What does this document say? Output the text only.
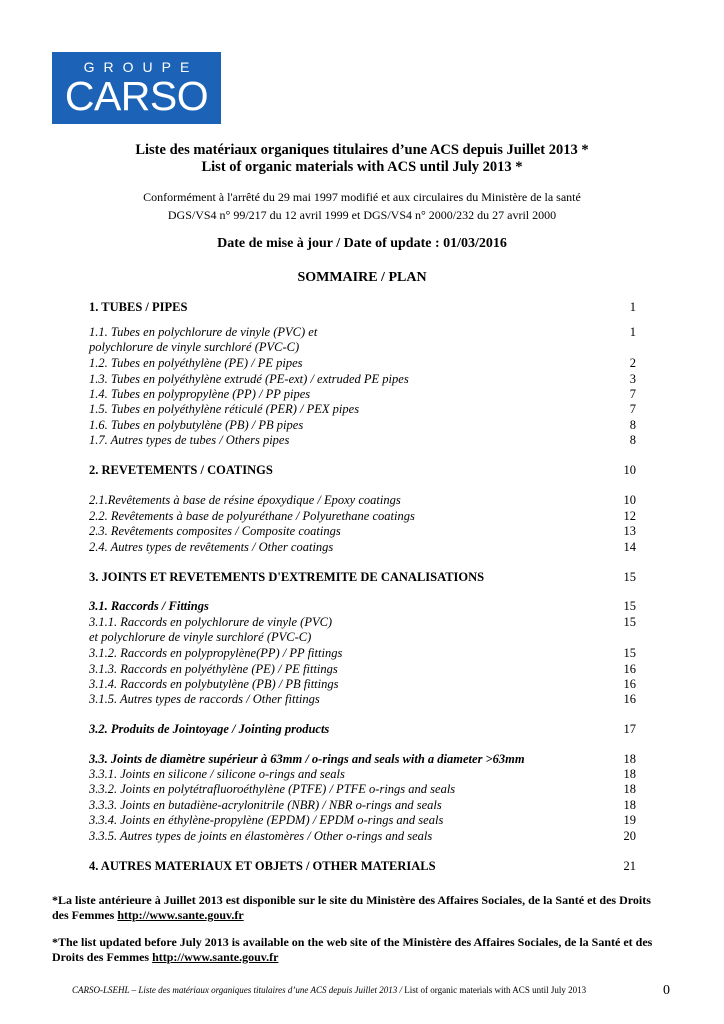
GROUPE
CARSO
Liste des matériaux organiques titulaires d’une ACS depuis Juillet 2013 *
List of organic materials with ACS until July 2013 *
Conformément à l'arrêté du 29 mai 1997 modifié et aux circulaires du Ministère de la santé
DGS/VS4 n° 99/217 du 12 avril 1999 et DGS/VS4 n° 2000/232 du 27 avril 2000
Date de mise à jour / Date of update : 01/03/2016
SOMMAIRE / PLAN
1. TUBES / PIPES	1
1.1. Tubes en polychlorure de vinyle (PVC) et	1
polychlorure de vinyle surchloré (PVC-C)
1.2. Tubes en polyéthylène (PE) / PE pipes	2
1.3. Tubes en polyéthylène extrudé (PE-ext) / extruded PE pipes	3
1.4. Tubes en polypropylène (PP) / PP pipes	7
1.5. Tubes en polyéthylène réticulé (PER) / PEX pipes	7
1.6. Tubes en polybutylène (PB) / PB pipes	8
1.7. Autres types de tubes / Others pipes	8
2. REVETEMENTS / COATINGS	10
2.1.Revêtements à base de résine époxydique / Epoxy coatings	10
2.2. Revêtements à base de polyuréthane / Polyurethane coatings	12
2.3. Revêtements composites / Composite coatings	13
2.4. Autres types de revêtements / Other coatings	14
3. JOINTS ET REVETEMENTS D'EXTREMITE DE CANALISATIONS	15
3.1. Raccords / Fittings	15
3.1.1. Raccords en polychlorure de vinyle (PVC)	15
et polychlorure de vinyle surchloré (PVC-C)
3.1.2. Raccords en polypropylène(PP) / PP fittings	15
3.1.3. Raccords en polyéthylène (PE) / PE fittings	16
3.1.4. Raccords en polybutylène (PB) / PB fittings	16
3.1.5. Autres types de raccords / Other fittings	16
3.2. Produits de Jointoyage / Jointing products	17
3.3. Joints de diamètre supérieur à 63mm / o-rings and seals with a diameter >63mm	18
3.3.1. Joints en silicone / silicone o-rings and seals	18
3.3.2. Joints en polytétrafluoroéthylène (PTFE) / PTFE o-rings and seals	18
3.3.3. Joints en butadiène-acrylonitrile (NBR) / NBR o-rings and seals	18
3.3.4. Joints en éthylène-propylène (EPDM) / EPDM o-rings and seals	19
3.3.5. Autres types de joints en élastomères / Other o-rings and seals	20
4. AUTRES MATERIAUX ET OBJETS / OTHER MATERIALS	21
*La liste antérieure à Juillet 2013 est disponible sur le site du Ministère des Affaires Sociales, de la Santé et des Droits des Femmes http://www.sante.gouv.fr
*The list updated before July 2013 is available on the web site of the Ministère des Affaires Sociales, de la Santé et des Droits des Femmes http://www.sante.gouv.fr
CARSO-LSEHL – Liste des matériaux organiques titulaires d’une ACS depuis Juillet 2013 / List of organic materials with ACS until July 2013	0
